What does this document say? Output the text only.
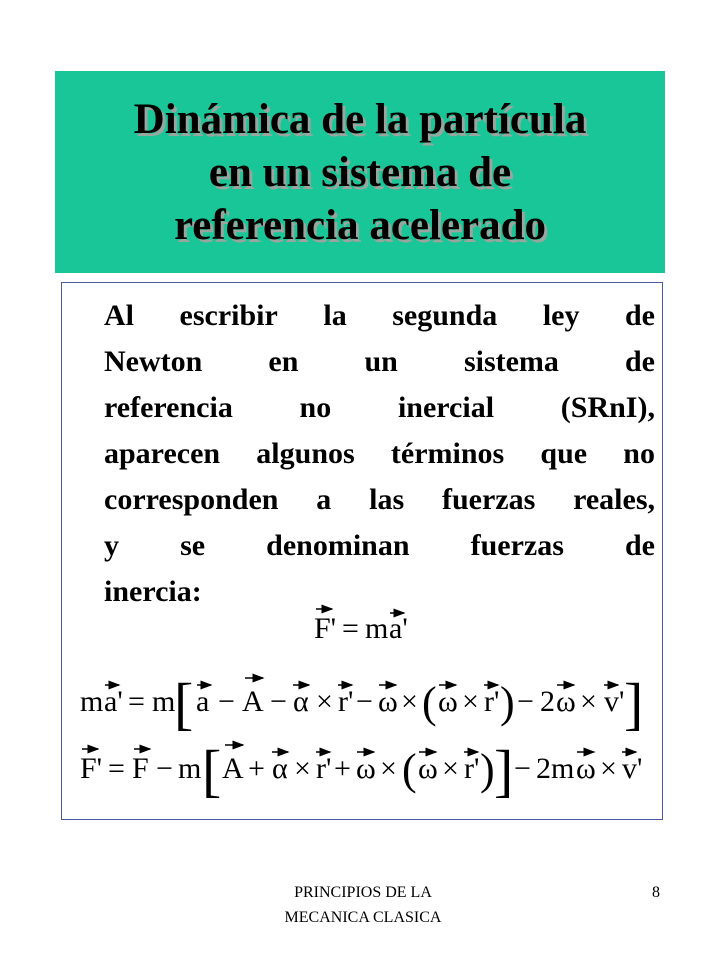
Dinámica de la partícula
en un sistema de
referencia acelerado
Al escribir la segunda ley de
Newton en un sistema de
referencia no inercial (SRnI),
aparecen algunos términos que no
corresponden a las fuerzas reales,
y se denominan fuerzas de
inercia:
F' = m a'
m a' = m
[ a − A − α × r' − ω × ( ω × r' ) − 2 ω × v' ]
F' = F − m [ A + α × r' + ω × ( ω × r' ) ] − 2m ω × v'
PRINCIPIOS DE LA
MECANICA CLASICA
8
